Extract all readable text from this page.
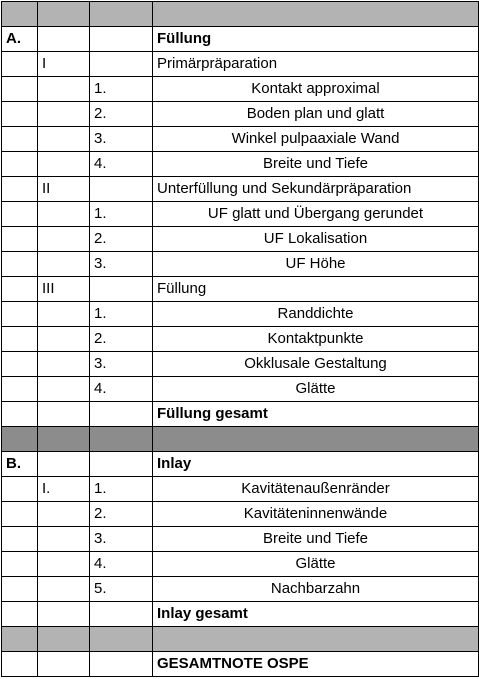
A.			Füllung
	I		Primärpräparation
		1.	Kontakt approximal
		2.	Boden plan und glatt
		3.	Winkel pulpaaxiale Wand
		4.	Breite und Tiefe
	II		Unterfüllung und Sekundärpräparation
		1.	UF glatt und Übergang gerundet
		2.	UF Lokalisation
		3.	UF Höhe
	III		Füllung
		1.	Randdichte
		2.	Kontaktpunkte
		3.	Okklusale Gestaltung
		4.	Glätte
			Füllung gesamt

B.			Inlay
	I.	1.	Kavitätenaußenränder
		2.	Kavitäteninnenwände
		3.	Breite und Tiefe
		4.	Glätte
		5.	Nachbarzahn
			Inlay gesamt

			GESAMTNOTE OSPE
